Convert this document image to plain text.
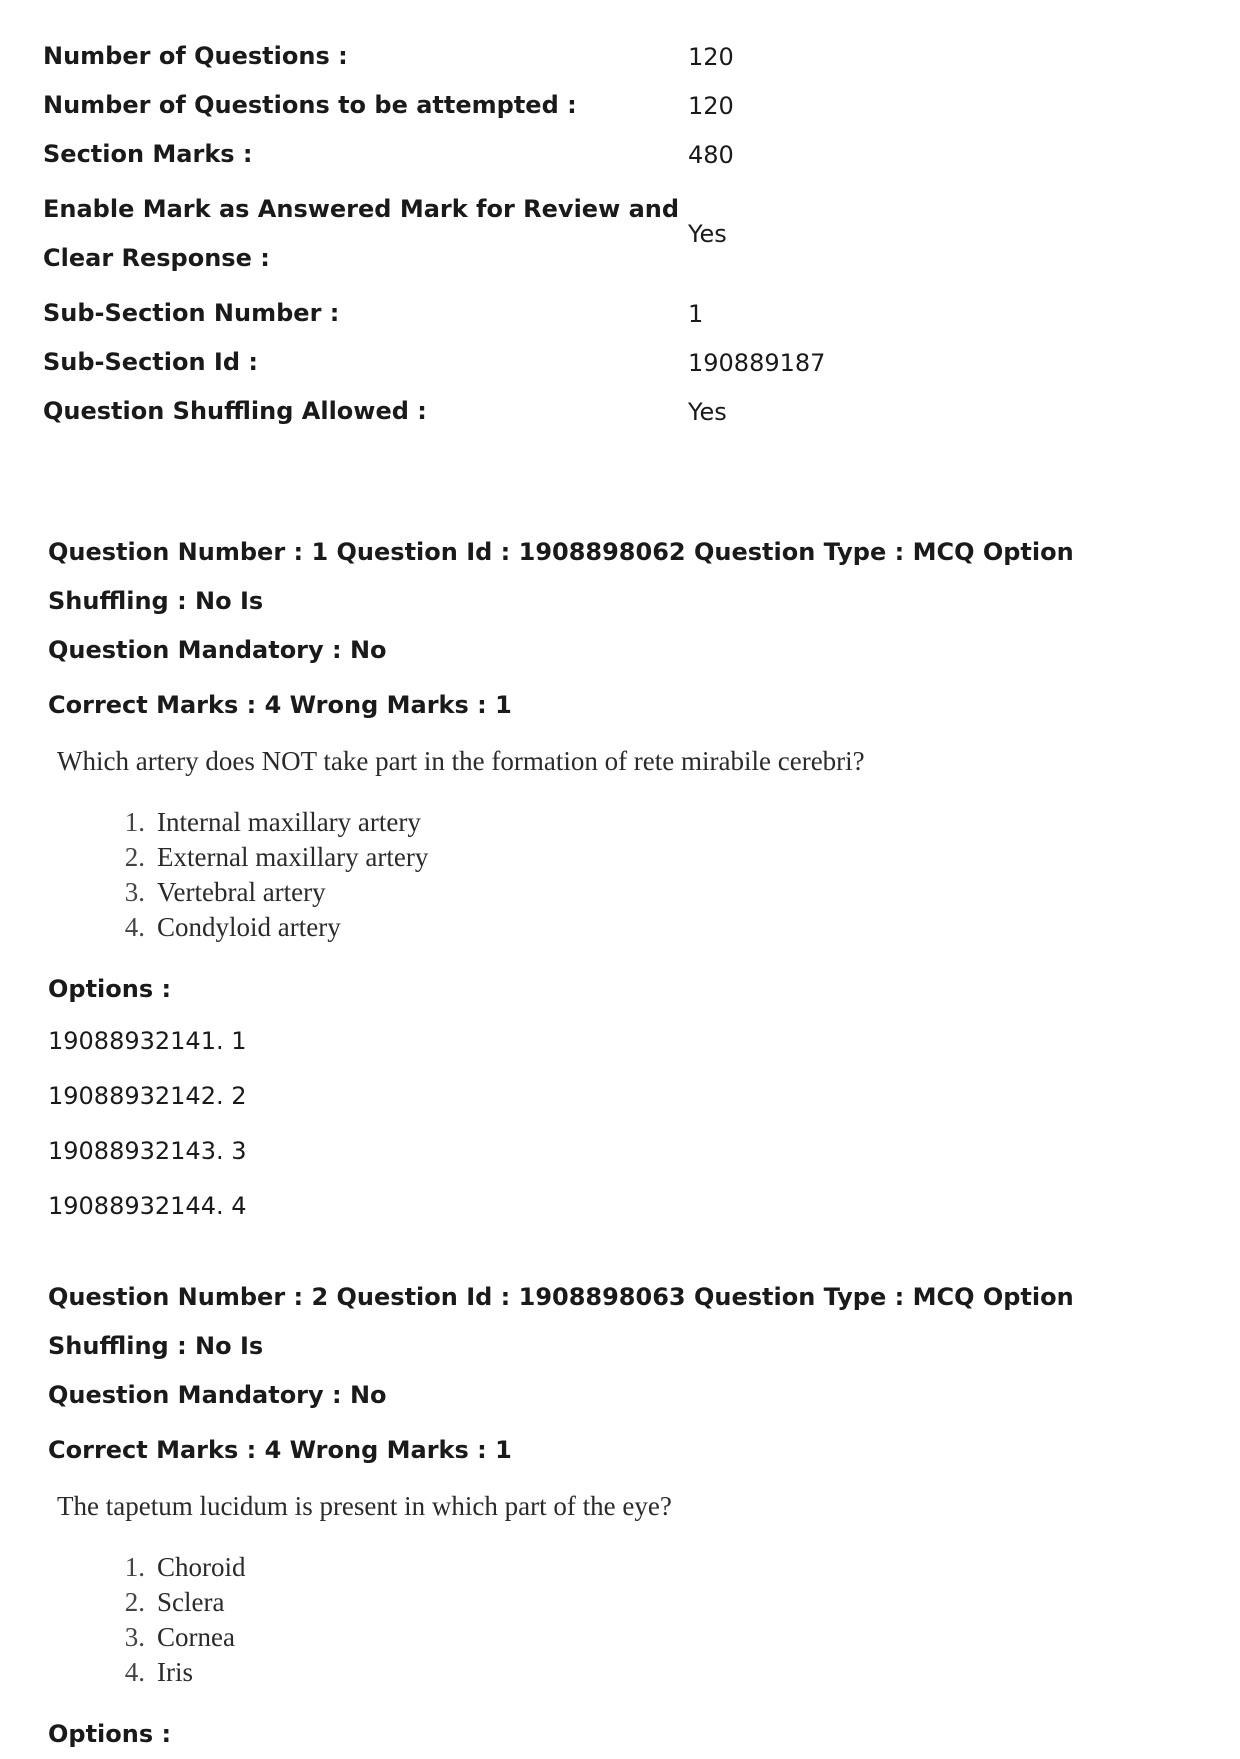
Number of Questions :	120
Number of Questions to be attempted :	120
Section Marks :	480
Enable Mark as Answered Mark for Review and
Clear Response :
Yes
Sub-Section Number :	1
Sub-Section Id :	190889187
Question Shuffling Allowed :	Yes
Question Number : 1 Question Id : 1908898062 Question Type : MCQ Option Shuffling : No Is
Question Mandatory : No
Correct Marks : 4 Wrong Marks : 1
Which artery does NOT take part in the formation of rete mirabile cerebri?
1. Internal maxillary artery
2. External maxillary artery
3. Vertebral artery
4. Condyloid artery
Options :
19088932141. 1
19088932142. 2
19088932143. 3
19088932144. 4
Question Number : 2 Question Id : 1908898063 Question Type : MCQ Option Shuffling : No Is
Question Mandatory : No
Correct Marks : 4 Wrong Marks : 1
The tapetum lucidum is present in which part of the eye?
1. Choroid
2. Sclera
3. Cornea
4. Iris
Options :
